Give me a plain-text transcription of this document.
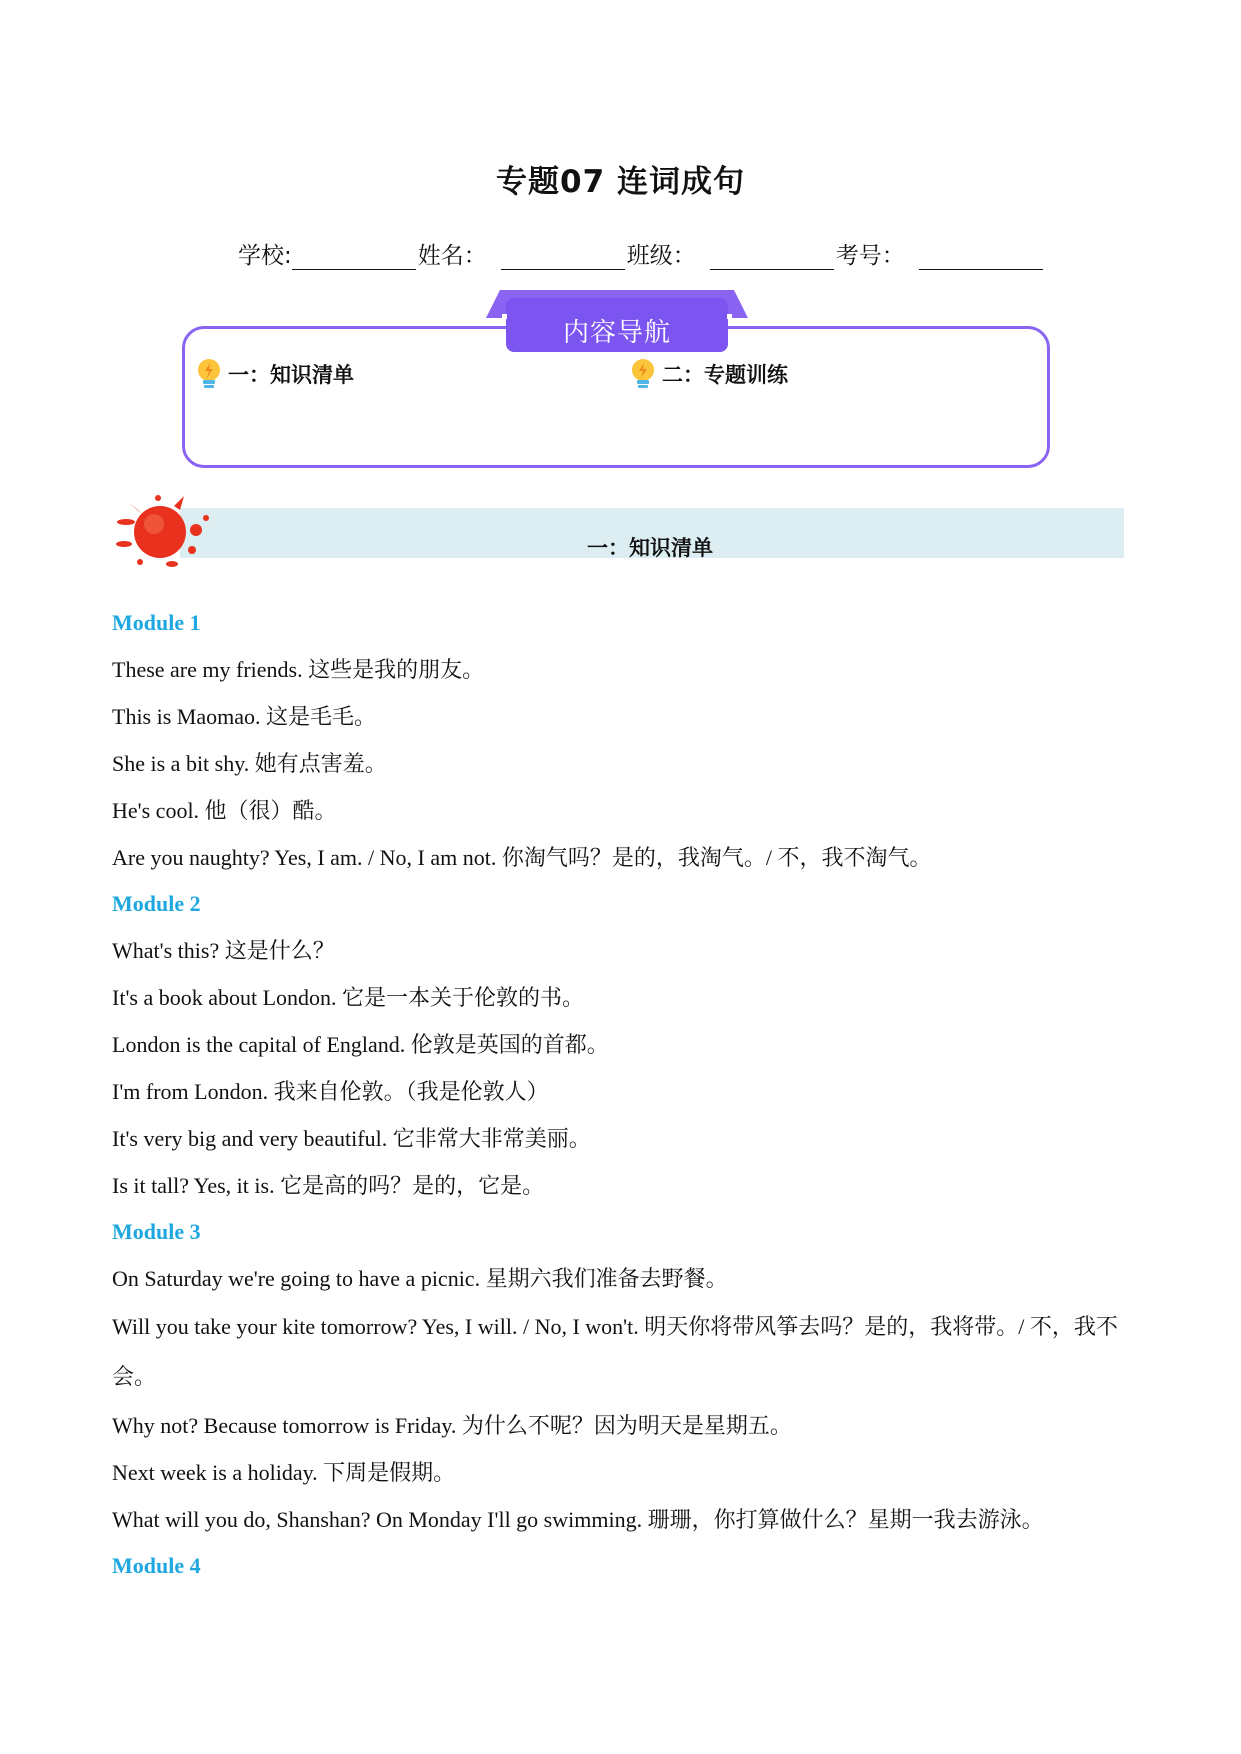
专题07 连词成句
学校:	姓名：	班级：	考号：
内容导航
一：知识清单	二：专题训练
一：知识清单
Module 1
These are my friends. 这些是我的朋友。
This is Maomao. 这是毛毛。
She is a bit shy. 她有点害羞。
He's cool. 他（很）酷。
Are you naughty? Yes, I am. / No, I am not. 你淘气吗？是的，我淘气。/ 不，我不淘气。
Module 2
What's this? 这是什么？
It's a book about London. 它是一本关于伦敦的书。
London is the capital of England. 伦敦是英国的首都。
I'm from London. 我来自伦敦。（我是伦敦人）
It's very big and very beautiful. 它非常大非常美丽。
Is it tall? Yes, it is. 它是高的吗？是的，它是。
Module 3
On Saturday we're going to have a picnic. 星期六我们准备去野餐。
Will you take your kite tomorrow? Yes, I will. / No, I won't. 明天你将带风筝去吗？是的，我将带。/ 不，我不会。
Why not? Because tomorrow is Friday. 为什么不呢？因为明天是星期五。
Next week is a holiday. 下周是假期。
What will you do, Shanshan? On Monday I'll go swimming. 珊珊，你打算做什么？星期一我去游泳。
Module 4
